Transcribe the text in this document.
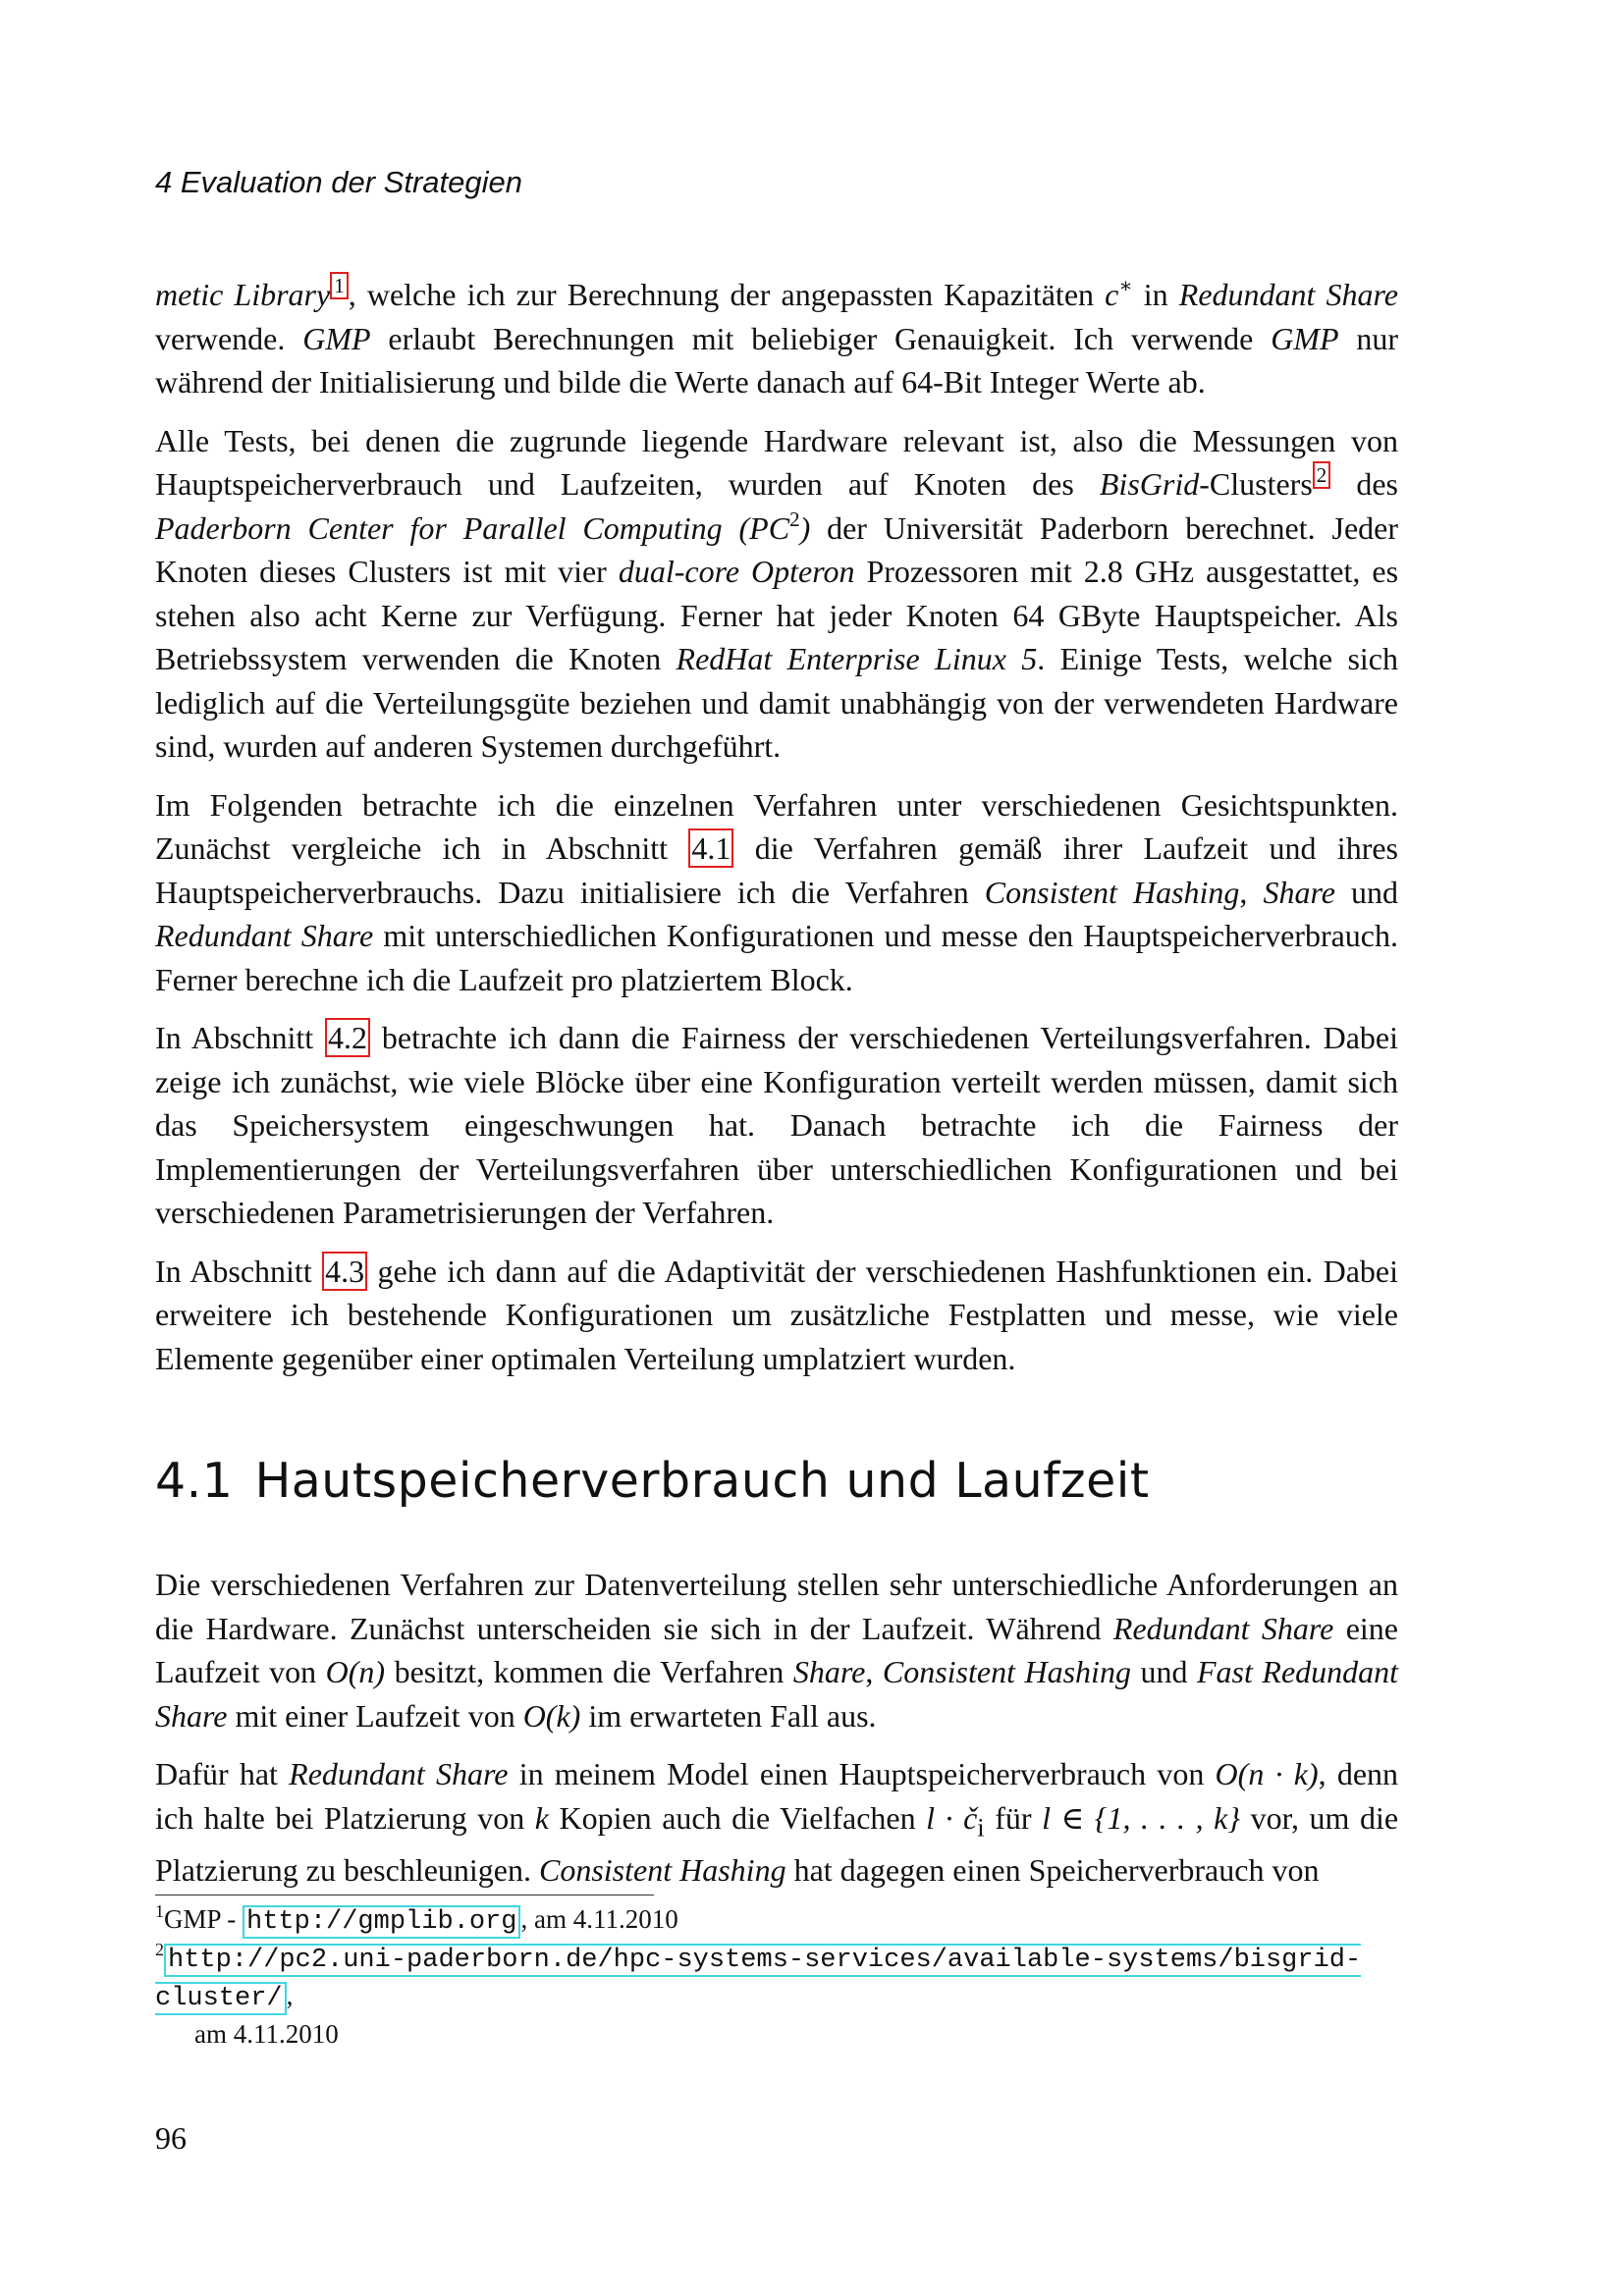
4 Evaluation der Strategien

metic Library $^1$ , welche ich zur Berechnung der angepassten Kapazitäten c∗ in Redundant Share verwende. GMP erlaubt Berechnungen mit beliebiger Genauigkeit. Ich verwende GMP nur während der Initialisierung und bilde die Werte danach auf 64-Bit Integer Werte ab.

Alle Tests, bei denen die zugrunde liegende Hardware relevant ist, also die Messungen von Hauptspeicherverbrauch und Laufzeiten, wurden auf Knoten des BisGrid-Clusters $^2$ des Paderborn Center for Parallel Computing $(PC^2)$ der Universität Paderborn berechnet. Jeder Knoten dieses Clusters ist mit vier dual-core Opteron Prozessoren mit 2.8 GHz ausgestattet, es stehen also acht Kerne zur Verfügung. Ferner hat jeder Knoten 64 GByte Hauptspeicher. Als Betriebssystem verwenden die Knoten RedHat Enterprise Linux 5. Einige Tests, welche sich lediglich auf die Verteilungsgüte beziehen und damit unabhängig von der verwendeten Hardware sind, wurden auf anderen Systemen durchgeführt.

Im Folgenden betrachte ich die einzelnen Verfahren unter verschiedenen Gesichtspunkten. Zunächst vergleiche ich in Abschnitt 4.1 die Verfahren gemäß ihrer Laufzeit und ihres Hauptspeicherverbrauchs. Dazu initialisiere ich die Verfahren Consistent Hashing, Share und Redundant Share mit unterschiedlichen Konfigurationen und messe den Hauptspeicherverbrauch. Ferner berechne ich die Laufzeit pro platziertem Block.

In Abschnitt 4.2 betrachte ich dann die Fairness der verschiedenen Verteilungsverfahren. Dabei zeige ich zunächst, wie viele Blöcke über eine Konfiguration verteilt werden müssen, damit sich das Speichersystem eingeschwungen hat. Danach betrachte ich die Fairness der Implementierungen der Verteilungsverfahren über unterschiedlichen Konfigurationen und bei verschiedenen Parametrisierungen der Verfahren.

In Abschnitt 4.3 gehe ich dann auf die Adaptivität der verschiedenen Hashfunktionen ein. Dabei erweitere ich bestehende Konfigurationen um zusätzliche Festplatten und messe, wie viele Elemente gegenüber einer optimalen Verteilung umplatziert wurden.

4.1 Hautspeicherverbrauch und Laufzeit

Die verschiedenen Verfahren zur Datenverteilung stellen sehr unterschiedliche Anforderungen an die Hardware. Zunächst unterscheiden sie sich in der Laufzeit. Während Redundant Share eine Laufzeit von O(n) besitzt, kommen die Verfahren Share, Consistent Hashing und Fast Redundant Share mit einer Laufzeit von O(k) im erwarteten Fall aus.

Dafür hat Redundant Share in meinem Model einen Hauptspeicherverbrauch von O(n · k), denn ich halte bei Platzierung von k Kopien auch die Vielfachen $l \cdot č_i$ für l ∈ {1, . . . , k} vor, um die Platzierung zu beschleunigen. Consistent Hashing hat dagegen einen Speicherverbrauch von

$^1$GMP - http://gmplib.org , am 4.11.2010

$^2$ http://pc2.uni-paderborn.de/hpc-systems-services/available-systems/bisgrid-cluster/ ,

am 4.11.2010

96
